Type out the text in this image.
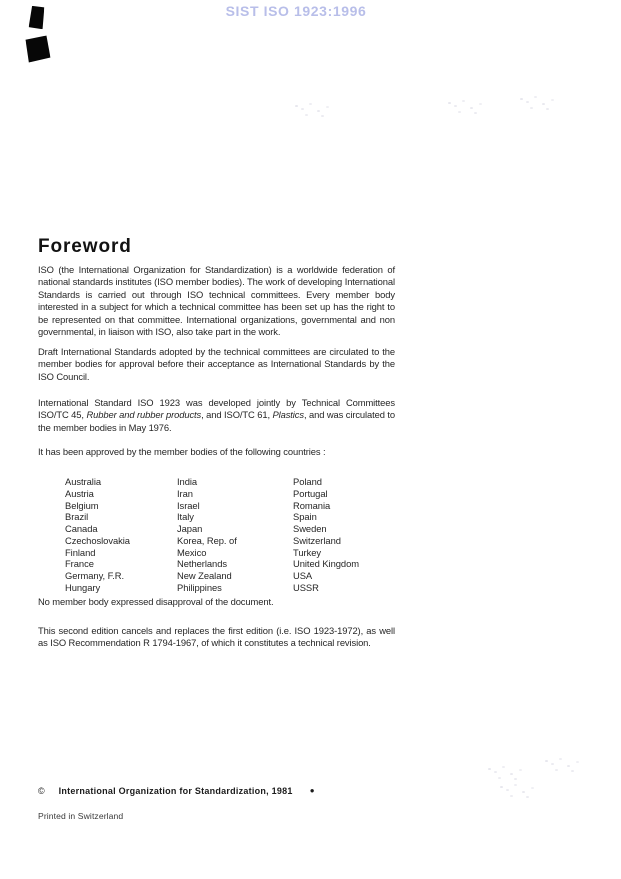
SIST ISO 1923:1996
Foreword

ISO (the International Organization for Standardization) is a worldwide federation of national standards institutes (ISO member bodies). The work of developing International Standards is carried out through ISO technical committees. Every member body interested in a subject for which a technical committee has been set up has the right to be represented on that committee. International organizations, governmental and non governmental, in liaison with ISO, also take part in the work.

Draft International Standards adopted by the technical committees are circulated to the member bodies for approval before their acceptance as International Standards by the ISO Council.

International Standard ISO 1923 was developed jointly by Technical Committees ISO/TC 45, Rubber and rubber products, and ISO/TC 61, Plastics, and was circulated to the member bodies in May 1976.

It has been approved by the member bodies of the following countries :

Australia
Austria
Belgium
Brazil
Canada
Czechoslovakia
Finland
France
Germany, F.R.
Hungary
India
Iran
Israel
Italy
Japan
Korea, Rep. of
Mexico
Netherlands
New Zealand
Philippines
Poland
Portugal
Romania
Spain
Sweden
Switzerland
Turkey
United Kingdom
USA
USSR

No member body expressed disapproval of the document.

This second edition cancels and replaces the first edition (i.e. ISO 1923-1972), as well as ISO Recommendation R 1794-1967, of which it constitutes a technical revision.

© International Organization for Standardization, 1981 ●
Printed in Switzerland
